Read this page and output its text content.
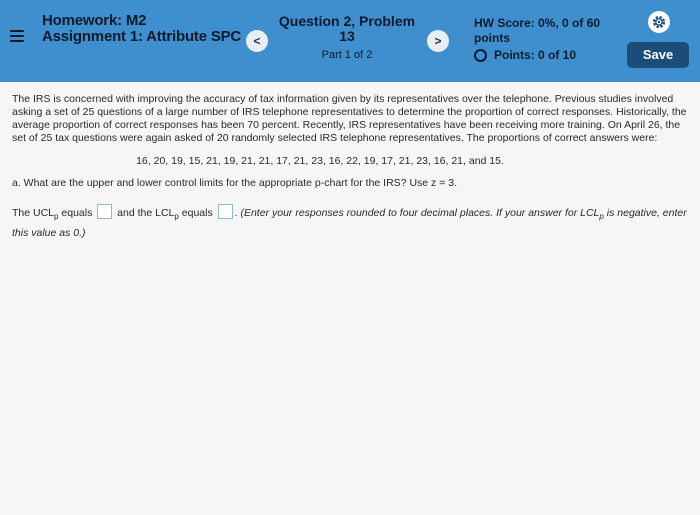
Homework: M2
Assignment 1: Attribute SPC	<
Question 2, Problem 13
Part 1 of 2
>
HW Score: 0%, 0 of 60 points
Points: 0 of 10	Save

The IRS is concerned with improving the accuracy of tax information given by its representatives over the telephone. Previous studies involved asking a set of 25 questions of a large number of IRS telephone representatives to determine the proportion of correct responses. Historically, the average proportion of correct responses has been 70 percent. Recently, IRS representatives have been receiving more training. On April 26, the set of 25 tax questions were again asked of 20 randomly selected IRS telephone representatives. The proportions of correct answers were:

16, 20, 19, 15, 21, 19, 21, 21, 17, 21, 23, 16, 22, 19, 17, 21, 23, 16, 21, and 15.
a. What are the upper and lower control limits for the appropriate p-chart for the IRS? Use z = 3.
The $UCL_p$ equals and the $LCL_p$ equals . (Enter your responses rounded to four decimal places. If your answer for $LCL_p$ is negative, enter this value as 0.)
